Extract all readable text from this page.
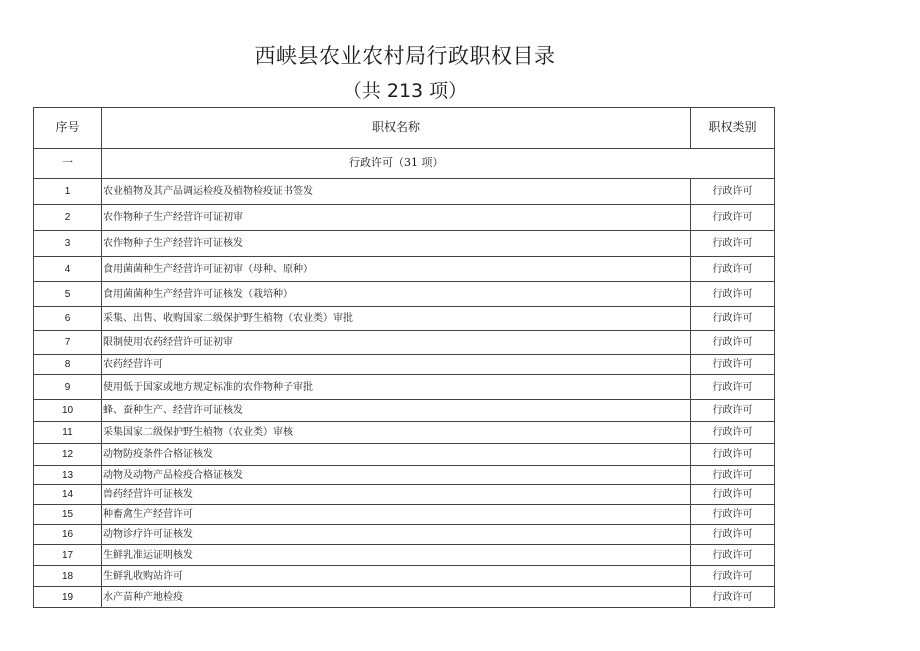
西峡县农业农村局行政职权目录
（共 213 项）
序号	职权名称	职权类别
一	行政许可（31 项）	
1	农业植物及其产品调运检疫及植物检疫证书签发	行政许可
2	农作物种子生产经营许可证初审	行政许可
3	农作物种子生产经营许可证核发	行政许可
4	食用菌菌种生产经营许可证初审（母种、原种）	行政许可
5	食用菌菌种生产经营许可证核发（栽培种）	行政许可
6	采集、出售、收购国家二级保护野生植物（农业类）审批	行政许可
7	限制使用农药经营许可证初审	行政许可
8	农药经营许可	行政许可
9	使用低于国家或地方规定标准的农作物种子审批	行政许可
10	蜂、蚕种生产、经营许可证核发	行政许可
11	采集国家二级保护野生植物（农业类）审核	行政许可
12	动物防疫条件合格证核发	行政许可
13	动物及动物产品检疫合格证核发	行政许可
14	兽药经营许可证核发	行政许可
15	种畜禽生产经营许可	行政许可
16	动物诊疗许可证核发	行政许可
17	生鲜乳准运证明核发	行政许可
18	生鲜乳收购站许可	行政许可
19	水产苗种产地检疫	行政许可
